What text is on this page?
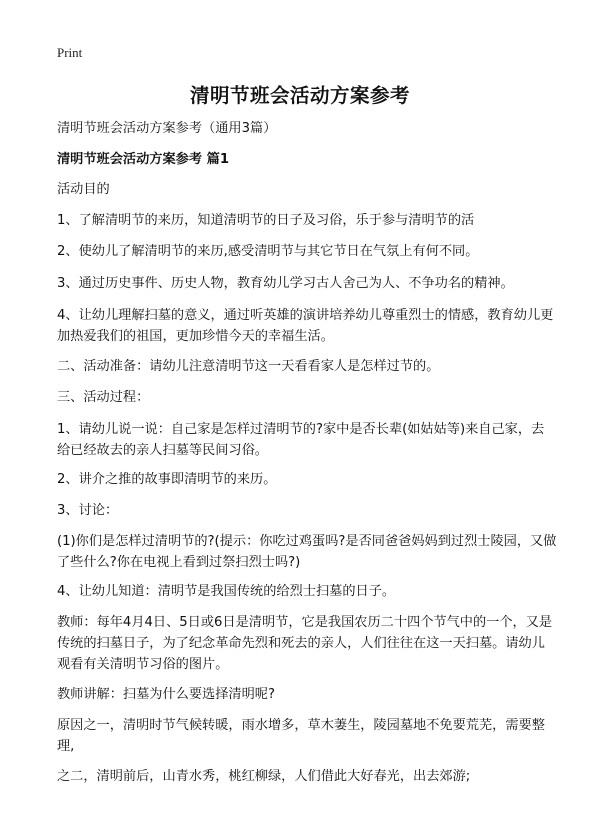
Print
清明节班会活动方案参考

清明节班会活动方案参考（通用3篇）

清明节班会活动方案参考 篇1

活动目的

1、了解清明节的来历，知道清明节的日子及习俗，乐于参与清明节的活

2、使幼儿了解清明节的来历,感受清明节与其它节日在气氛上有何不同。

3、通过历史事件、历史人物，教育幼儿学习古人舍己为人、不争功名的精神。

4、让幼儿理解扫墓的意义，通过听英雄的演讲培养幼儿尊重烈士的情感，教育幼儿更加热爱我们的祖国，更加珍惜今天的幸福生活。

二、活动准备：请幼儿注意清明节这一天看看家人是怎样过节的。

三、活动过程：

1、请幼儿说一说：自己家是怎样过清明节的?家中是否长辈(如姑姑等)来自己家，去给已经故去的亲人扫墓等民间习俗。

2、讲介之推的故事即清明节的来历。

3、讨论：

(1)你们是怎样过清明节的?(提示：你吃过鸡蛋吗?是否同爸爸妈妈到过烈士陵园，又做了些什么?你在电视上看到过祭扫烈士吗?)

4、让幼儿知道：清明节是我国传统的给烈士扫墓的日子。

教师：每年4月4日、5日或6日是清明节，它是我国农历二十四个节气中的一个，又是传统的扫墓日子，为了纪念革命先烈和死去的亲人，人们往往在这一天扫墓。请幼儿观看有关清明节习俗的图片。

教师讲解：扫墓为什么要选择清明呢?

原因之一，清明时节气候转暖，雨水增多，草木萋生，陵园墓地不免要荒芜，需要整理,

之二，清明前后，山青水秀，桃红柳绿，人们借此大好春光，出去郊游;
